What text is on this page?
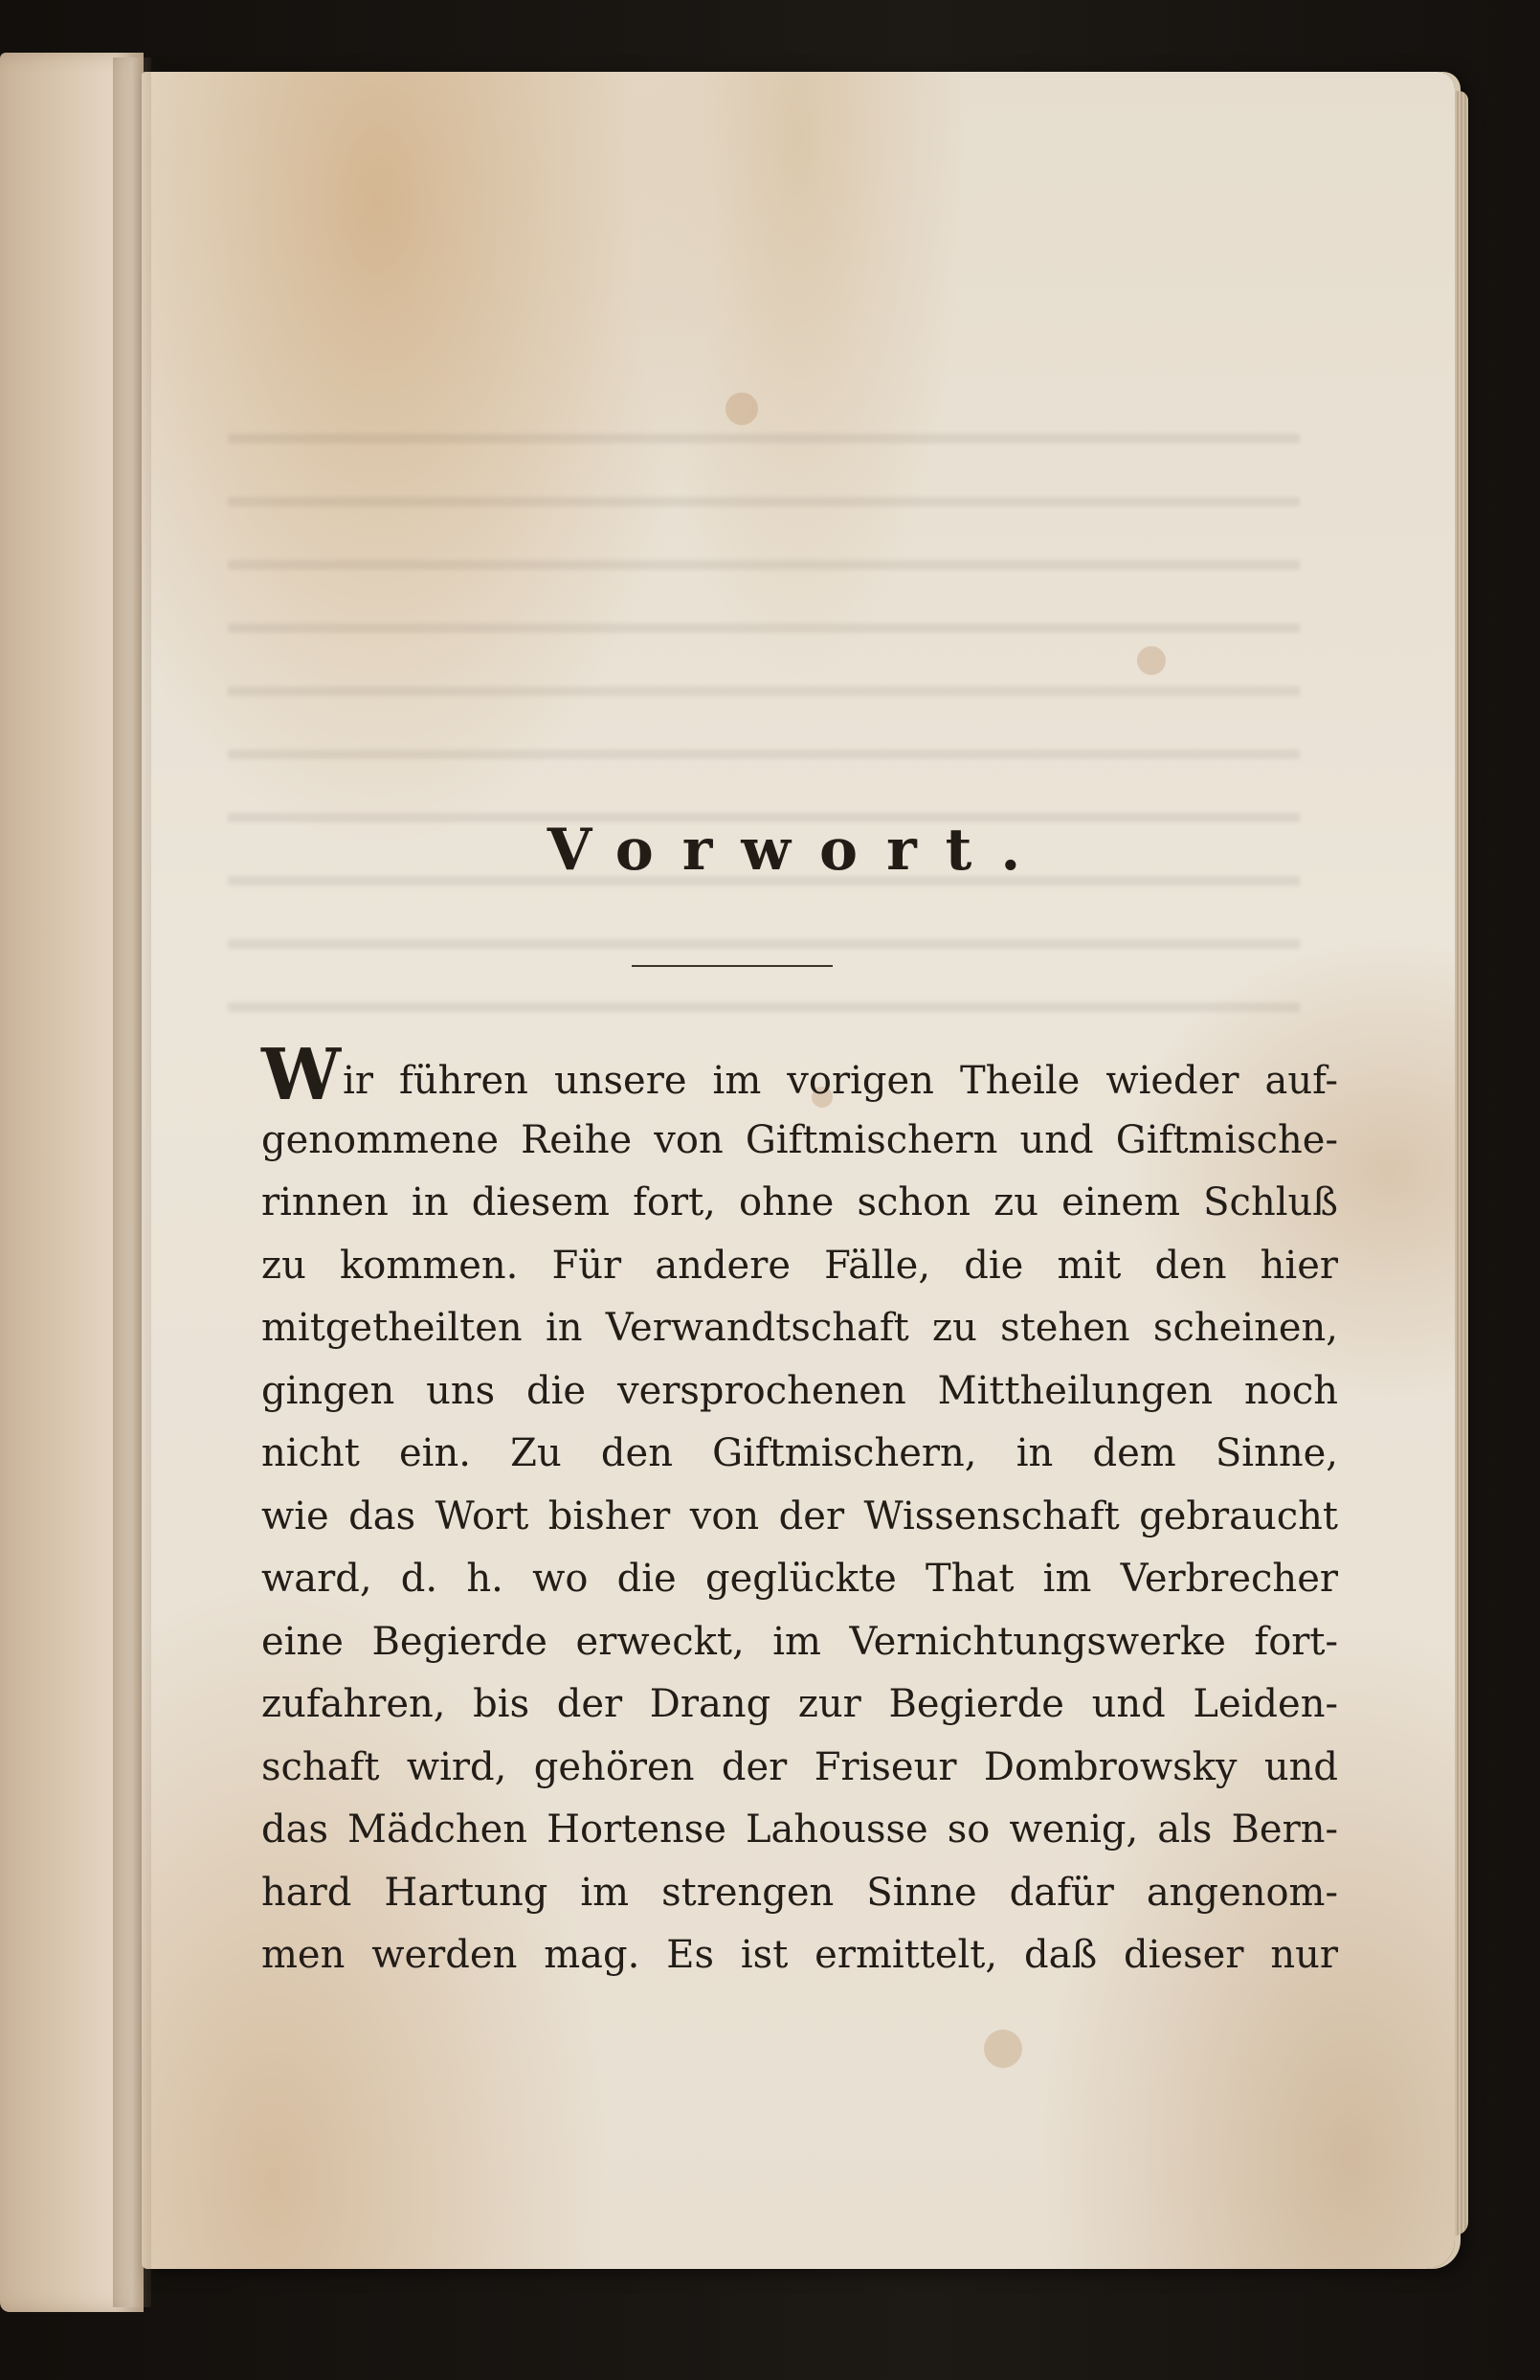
Vorwort.
Wir führen unsere im vorigen Theile wieder auf-
genommene Reihe von Giftmischern und Giftmische-
rinnen in diesem fort, ohne schon zu einem Schluß
zu kommen. Für andere Fälle, die mit den hier
mitgetheilten in Verwandtschaft zu stehen scheinen,
gingen uns die versprochenen Mittheilungen noch
nicht ein. Zu den Giftmischern, in dem Sinne,
wie das Wort bisher von der Wissenschaft gebraucht
ward, d. h. wo die geglückte That im Verbrecher
eine Begierde erweckt, im Vernichtungswerke fort-
zufahren, bis der Drang zur Begierde und Leiden-
schaft wird, gehören der Friseur Dombrowsky und
das Mädchen Hortense Lahousse so wenig, als Bern-
hard Hartung im strengen Sinne dafür angenom-
men werden mag. Es ist ermittelt, daß dieser nur
